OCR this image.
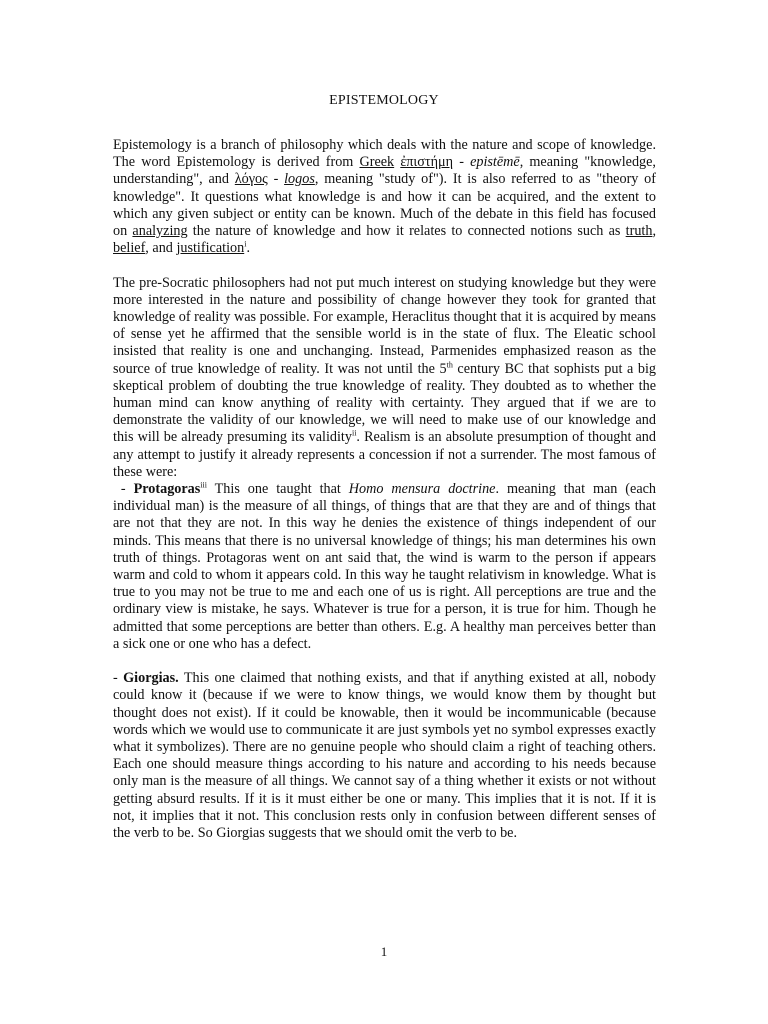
EPISTEMOLOGY

Epistemology is a branch of philosophy which deals with the nature and scope of knowledge. The word Epistemology is derived from Greek ἐπιστήμη - epistēmē, meaning "knowledge, understanding", and λόγος - logos, meaning "study of"). It is also referred to as "theory of knowledge". It questions what knowledge is and how it can be acquired, and the extent to which any given subject or entity can be known. Much of the debate in this field has focused on analyzing the nature of knowledge and how it relates to connected notions such as truth, belief, and justification$^i$.

The pre-Socratic philosophers had not put much interest on studying knowledge but they were more interested in the nature and possibility of change however they took for granted that knowledge of reality was possible. For example, Heraclitus thought that it is acquired by means of sense yet he affirmed that the sensible world is in the state of flux. The Eleatic school insisted that reality is one and unchanging. Instead, Parmenides emphasized reason as the source of true knowledge of reality. It was not until the 5th century BC that sophists put a big skeptical problem of doubting the true knowledge of reality. They doubted as to whether the human mind can know anything of reality with certainty. They argued that if we are to demonstrate the validity of our knowledge, we will need to make use of our knowledge and this will be already presuming its validity$^{ii}$. Realism is an absolute presumption of thought and any attempt to justify it already represents a concession if not a surrender. The most famous of these were:
- Protagoras$^{iii}$ This one taught that Homo mensura doctrine. meaning that man (each individual man) is the measure of all things, of things that are that they are and of things that are not that they are not. In this way he denies the existence of things independent of our minds. This means that there is no universal knowledge of things; his man determines his own truth of things. Protagoras went on ant said that, the wind is warm to the person if appears warm and cold to whom it appears cold. In this way he taught relativism in knowledge. What is true to you may not be true to me and each one of us is right. All perceptions are true and the ordinary view is mistake, he says. Whatever is true for a person, it is true for him. Though he admitted that some perceptions are better than others. E.g. A healthy man perceives better than a sick one or one who has a defect.

- Giorgias. This one claimed that nothing exists, and that if anything existed at all, nobody could know it (because if we were to know things, we would know them by thought but thought does not exist). If it could be knowable, then it would be incommunicable (because words which we would use to communicate it are just symbols yet no symbol expresses exactly what it symbolizes). There are no genuine people who should claim a right of teaching others. Each one should measure things according to his nature and according to his needs because only man is the measure of all things. We cannot say of a thing whether it exists or not without getting absurd results. If it is it must either be one or many. This implies that it is not. If it is not, it implies that it not. This conclusion rests only in confusion between different senses of the verb to be. So Giorgias suggests that we should omit the verb to be.

1
